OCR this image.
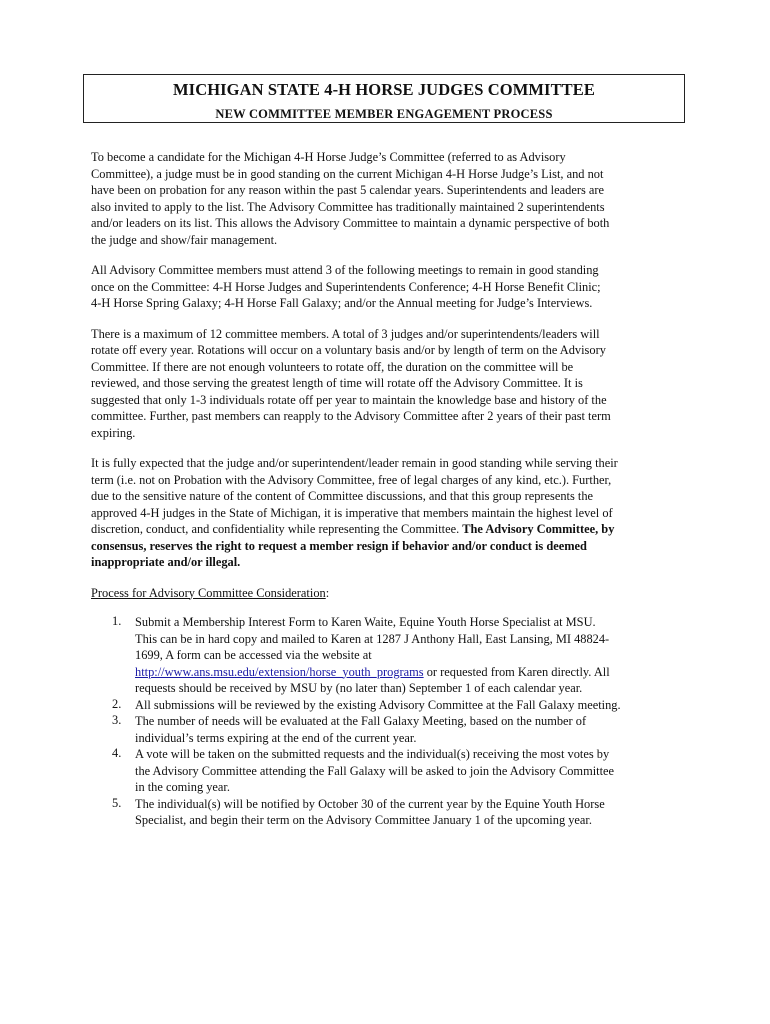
MICHIGAN STATE 4-H HORSE JUDGES COMMITTEE
NEW COMMITTEE MEMBER ENGAGEMENT PROCESS
To become a candidate for the Michigan 4-H Horse Judge’s Committee (referred to as Advisory
Committee), a judge must be in good standing on the current Michigan 4-H Horse Judge’s List, and not
have been on probation for any reason within the past 5 calendar years. Superintendents and leaders are
also invited to apply to the list. The Advisory Committee has traditionally maintained 2 superintendents
and/or leaders on its list. This allows the Advisory Committee to maintain a dynamic perspective of both
the judge and show/fair management.
All Advisory Committee members must attend 3 of the following meetings to remain in good standing
once on the Committee: 4-H Horse Judges and Superintendents Conference; 4-H Horse Benefit Clinic;
4-H Horse Spring Galaxy; 4-H Horse Fall Galaxy; and/or the Annual meeting for Judge’s Interviews.
There is a maximum of 12 committee members. A total of 3 judges and/or superintendents/leaders will
rotate off every year. Rotations will occur on a voluntary basis and/or by length of term on the Advisory
Committee. If there are not enough volunteers to rotate off, the duration on the committee will be
reviewed, and those serving the greatest length of time will rotate off the Advisory Committee. It is
suggested that only 1-3 individuals rotate off per year to maintain the knowledge base and history of the
committee. Further, past members can reapply to the Advisory Committee after 2 years of their past term
expiring.
It is fully expected that the judge and/or superintendent/leader remain in good standing while serving their
term (i.e. not on Probation with the Advisory Committee, free of legal charges of any kind, etc.). Further,
due to the sensitive nature of the content of Committee discussions, and that this group represents the
approved 4-H judges in the State of Michigan, it is imperative that members maintain the highest level of
discretion, conduct, and confidentiality while representing the Committee. The Advisory Committee, by
consensus, reserves the right to request a member resign if behavior and/or conduct is deemed
inappropriate and/or illegal.
Process for Advisory Committee Consideration:
1. Submit a Membership Interest Form to Karen Waite, Equine Youth Horse Specialist at MSU.
This can be in hard copy and mailed to Karen at 1287 J Anthony Hall, East Lansing, MI 48824-
1699, A form can be accessed via the website at
http://www.ans.msu.edu/extension/horse_youth_programs or requested from Karen directly. All
requests should be received by MSU by (no later than) September 1 of each calendar year.
2. All submissions will be reviewed by the existing Advisory Committee at the Fall Galaxy meeting.
3. The number of needs will be evaluated at the Fall Galaxy Meeting, based on the number of
individual’s terms expiring at the end of the current year.
4. A vote will be taken on the submitted requests and the individual(s) receiving the most votes by
the Advisory Committee attending the Fall Galaxy will be asked to join the Advisory Committee
in the coming year.
5. The individual(s) will be notified by October 30 of the current year by the Equine Youth Horse
Specialist, and begin their term on the Advisory Committee January 1 of the upcoming year.
